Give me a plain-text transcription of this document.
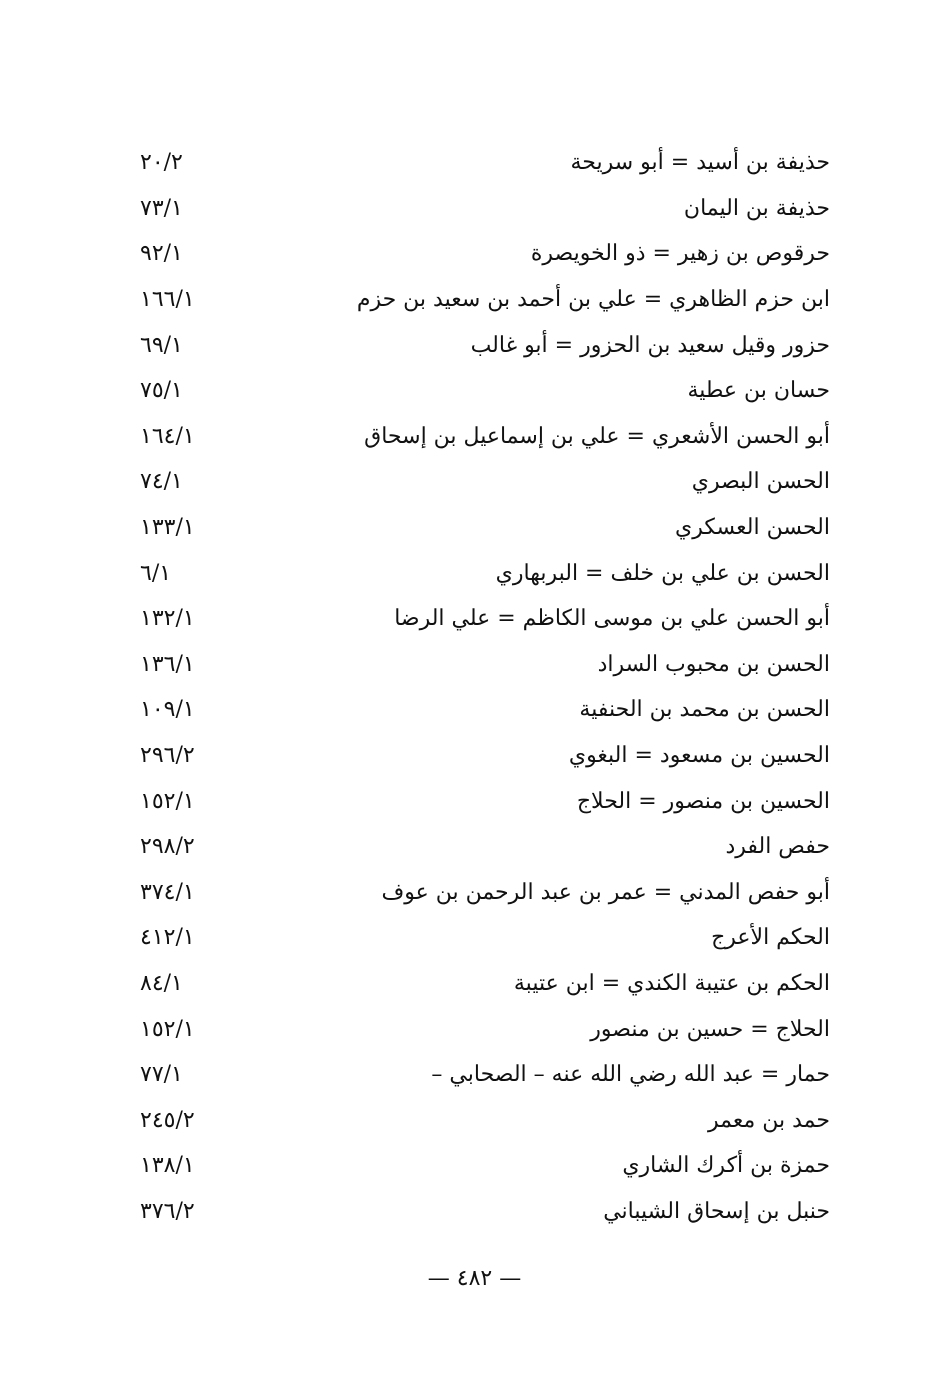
حذيفة بن أسيد = أبو سريحة
٢٠/٢
حذيفة بن اليمان
٧٣/١
حرقوص بن زهير = ذو الخويصرة
٩٢/١
ابن حزم الظاهري = علي بن أحمد بن سعيد بن حزم
١٦٦/١
حزور وقيل سعيد بن الحزور = أبو غالب
٦٩/١
حسان بن عطية
٧٥/١
أبو الحسن الأشعري = علي بن إسماعيل بن إسحاق
١٦٤/١
الحسن البصري
٧٤/١
الحسن العسكري
١٣٣/١
الحسن بن علي بن خلف = البربهاري
٦/١
أبو الحسن علي بن موسى الكاظم = علي الرضا
١٣٢/١
الحسن بن محبوب السراد
١٣٦/١
الحسن بن محمد بن الحنفية
١٠٩/١
الحسين بن مسعود = البغوي
٢٩٦/٢
الحسين بن منصور = الحلاج
١٥٢/١
حفص الفرد
٢٩٨/٢
أبو حفص المدني = عمر بن عبد الرحمن بن عوف
٣٧٤/١
الحكم الأعرج
٤١٢/١
الحكم بن عتيبة الكندي = ابن عتيبة
٨٤/١
الحلاج = حسين بن منصور
١٥٢/١
حمار = عبد الله رضي الله عنه – الصحابي –
٧٧/١
حمد بن معمر
٢٤٥/٢
حمزة بن أكرك الشاري
١٣٨/١
حنبل بن إسحاق الشيباني
٣٧٦/٢
— ٤٨٢ —
